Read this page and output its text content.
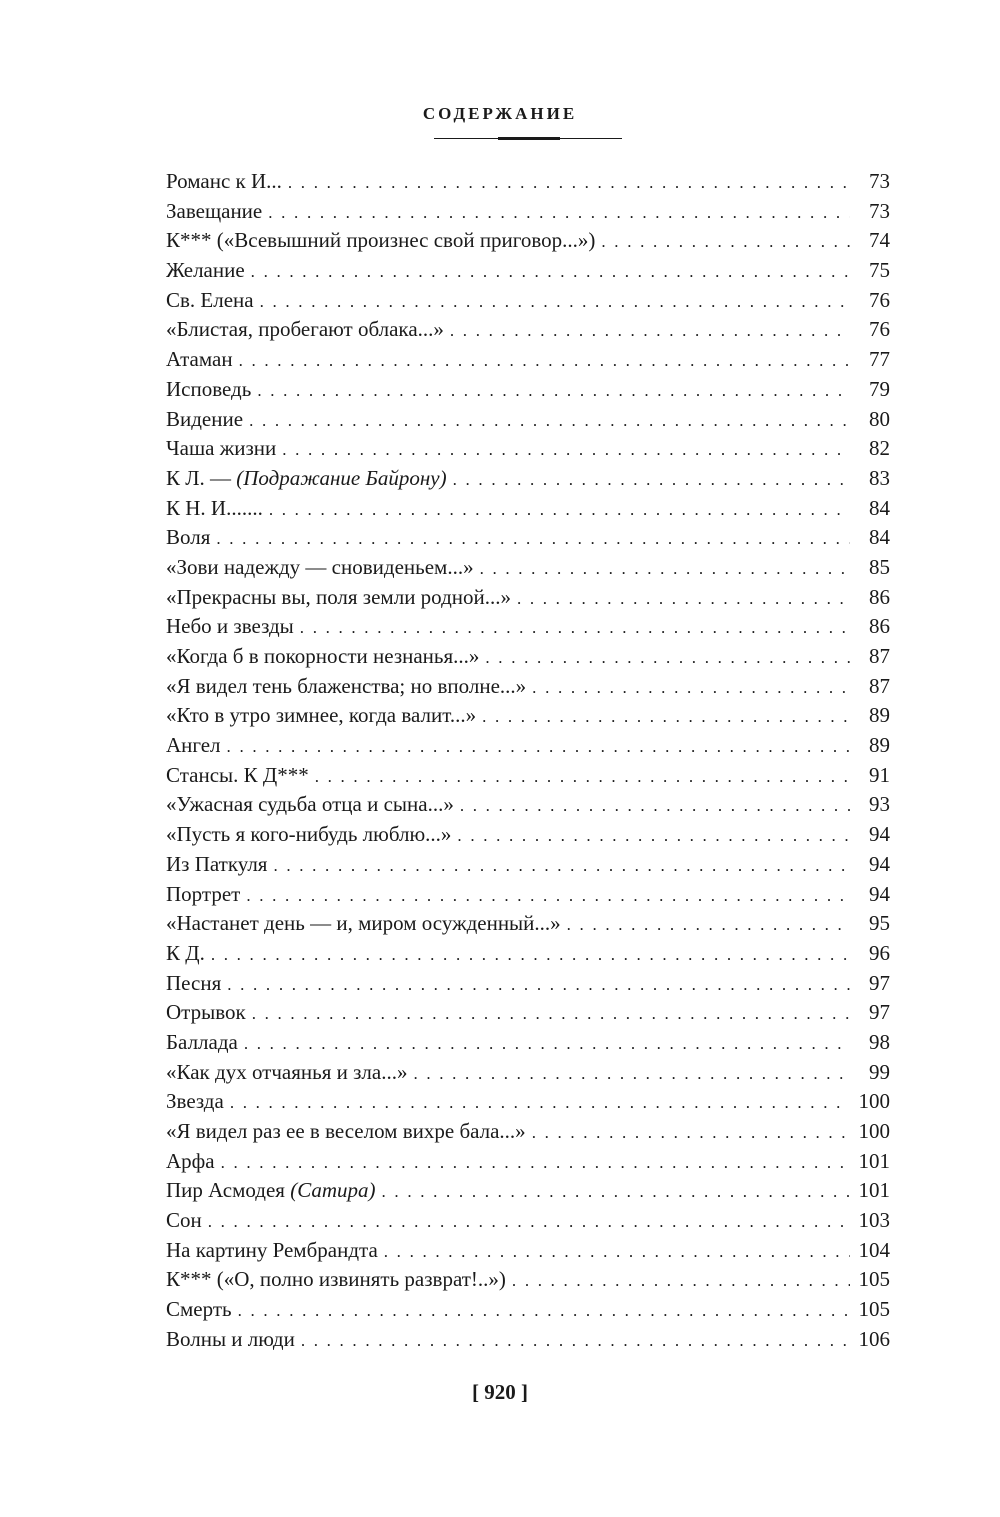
СОДЕРЖАНИЕ
Романс к И... . . .	73
Завещание . . .	73
К*** («Всевышний произнес свой приговор...») . . .	74
Желание . . .	75
Св. Елена . . .	76
«Блистая, пробегают облака...» . . .	76
Атаман . . .	77
Исповедь . . .	79
Видение . . .	80
Чаша жизни . . .	82
К Л. — (Подражание Байрону) . . .	83
К Н. И....... . . .	84
Воля . . .	84
«Зови надежду — сновиденьем...» . . .	85
«Прекрасны вы, поля земли родной...» . . .	86
Небо и звезды . . .	86
«Когда б в покорности незнанья...» . . .	87
«Я видел тень блаженства; но вполне...» . . .	87
«Кто в утро зимнее, когда валит...» . . .	89
Ангел . . .	89
Стансы. К Д*** . . .	91
«Ужасная судьба отца и сына...» . . .	93
«Пусть я кого-нибудь люблю...» . . .	94
Из Паткуля . . .	94
Портрет . . .	94
«Настанет день — и, миром осужденный...» . . .	95
К Д. . . .	96
Песня . . .	97
Отрывок . . .	97
Баллада . . .	98
«Как дух отчаянья и зла...» . . .	99
Звезда . . .	100
«Я видел раз ее в веселом вихре бала...» . . .	100
Арфа . . .	101
Пир Асмодея (Сатира) . . .	101
Сон . . .	103
На картину Рембрандта . . .	104
К*** («О, полно извинять разврат!..») . . .	105
Смерть . . .	105
Волны и люди . . .	106
[ 920 ]
